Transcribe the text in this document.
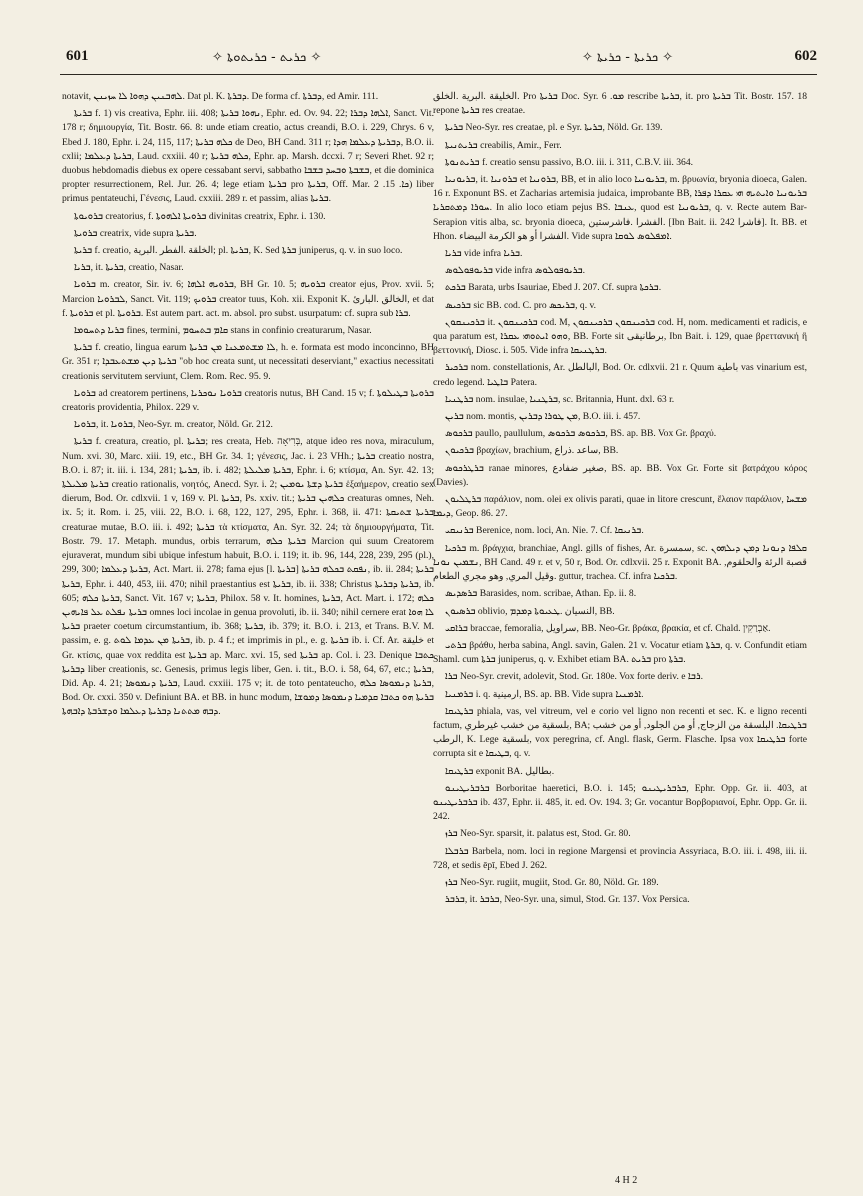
601	✧ ܟܪܝܬ - ܟܪܝܬܘܬܐ ✧	✧ ܟܪܝܬܐ - ܟܪܝܬܐ ✧	602

notavit, ܠܗܒܢܝܢ ܕܗܘܐ ܠܐ ܚܙܝܢܢ. Dat pl. K. ܕܒܪܬܐ. De forma cf. ܕܒܪܬܐ, ed Amir. 111.

ܒܪܝܬܐ f. 1) vis creativa, Ephr. iii. 408; ܢܗܘܐ ܒܪܝܬܐ, Ephr. ed. Ov. 94. 22; ܐܠܗܐ ܕܒܪܐ, Sanct. Vit. 178 r; δημιουργία, Tit. Bostr. 66. 8: unde etiam creatio, actus creandi, B.O. i. 229, Chrys. 6 v, Ebed J. 180, Ephr. i. 24, 115, 117; ܟܠܗ ܒܪܝܬܐ de Deo, BH Cand. 311 r; ܕܒܪܝܬܐ ܕܥܠܡܐ ܗܕܐ, B.O. ii. cxlii; ܒܪܝܬܐ ܕܥܠܡܐ, Laud. cxxiii. 40 r; ܟܠܗ ܒܪܝܬܐ, Ephr. ap. Marsh. dccxi. 7 r; Severi Rhet. 92 r; duobus hebdomadis diebus ex opere cessabant servi, sabbatho ܒܫܒܬܐ ܘܒܚܕ ܒܫܒܐ, et die dominica propter resurrectionem, Rel. Jur. 26. 4; lege etiam ܒܪܝܬܐ pro ܒܪܝܬܐ, Off. Mar. ܟܐ. 15. 2) liber primus pentateuchi, Γένεσις, Laud. cxxiii. 289 r. et passim, alias ܒܪܝܬܐ.

ܒܪܘܝܘܬܐ creatorius, f. ܒܪܘܝܬܐ ܐܠܗܘܬܐ divinitas creatrix, Ephr. i. 130.

ܒܪܘܝܬܐ creatrix, vide supra ܒܪܝܬܐ.

ܒܪܝܬܐ f. creatio, الخلقة .الفطر .البرية; pl. ܒܪܝܬܐ, K. Sed ܒܪܬܐ juniperus, q. v. in suo loco.

ܒܪܝܐ, it. ܒܪܝܬܐ, creatio, Nasar.

ܒܪܘܝܐ m. creator, Sir. iv. 6; ܒܪܘܝܗ ܐܠܗܐ, BH Gr. 10. 5; ܒܪܘܝܗ creator ejus, Prov. xvii. 5; Marcion ܠܒܪܘܝܐ, Sanct. Vit. 119; ܒܪܘܝܟ creator tuus, Koh. xii. Exponit K. الخالق .البارئ, et dat f. ܒܪܘܝܬܐ et pl. ܒܪܘܝܬܐ. Est autem part. act. m. absol. pro subst. usurpatum: cf. supra sub ܒܪܐ.

ܒܪܝܐ ܕܬܚܘܡܐ fines, termini, ܩܐܡ ܒܬܚܘܡ stans in confinio creaturarum, Nasar.

ܒܪܝܬܐ f. creatio, lingua earum ܠܐ ܡܫܬܡܥܢܐ ܡܢ ܒܪܝܬܐ, h. e. formata est modo inconcinno, BH Gr. 351 r; ܒܪܝܬܐ ܕܝܢ ܡܫܬܥܒܕܐ "ob hoc creata sunt, ut necessitati deserviant," exactius necessitati creationis servitutem serviunt, Clem. Rom. Rec. 95. 9.

ܒܪܘܝܐ ad creatorem pertinens, ܒܪܘܝܐ ܢܘܟܪܝܐ creatoris nutus, BH Cand. 15 v; f. ܒܪܘܝܬܐ ܒܛܝܠܘܬܐ creatoris providentia, Philox. 229 v.

ܒܪܘܝܐ, it. ܒܪܘܝܐ, Neo-Syr. m. creator, Nöld. Gr. 212.

ܒܪܝܬܐ f. creatura, creatio, pl. ܒܪܝܬܐ; res creata, Heb. בְּרִיאָה, atque ideo res nova, miraculum, Num. xvi. 30, Marc. xiii. 19, etc., BH Gr. 34. 1; γένεσις, Jac. i. 23 VHh.; ܒܪܝܬܐ creatio nostra, B.O. i. 87; it. iii. i. 134, 281; ܒܪܝܬܐ, ib. i. 482; ܒܪܝܬܐ ܡܠܝܠܬܐ, Ephr. i. 6; κτίσμα, An. Syr. 42. 13; ܒܪܝܬܐ ܡܠܝܠܬܐ creatio rationalis, νοητός, Anecd. Syr. i. 2; ܒܪܝܬܐ ܕܫܬܐ ܝܘܡܝܢ ἑξαήμερον, creatio sex dierum, Bod. Or. cdlxvii. 1 v, 169 v. Pl. ܒܪܝܬܐ, Ps. xxiv. tit.; ܟܠܗܝܢ ܒܪܝܬܐ creaturas omnes, Neh. ix. 5; it. Rom. i. 25, viii. 22, B.O. i. 68, 122, 127, 295, Ephr. i. 368, ii. 471: ܒܪܝܬܐ ܫܬܝܩܬܐ creaturae mutae, B.O. iii. i. 492; ܒܪܝܬܐ τὰ κτίσματα, An. Syr. 32. 24; τὰ δημιουργήματα, Tit. Bostr. 79. 17. Metaph. mundus, orbis terrarum, ܒܪܝܬܐ ܟܠܗ Marcion qui suum Creatorem ejuraverat, mundum sibi ubique infestum habuit, B.O. i. 119; it. ib. 96, 144, 228, 239, 295 (pl.), 299, 300; ܒܪܝܬܐ ܕܥܠܡܐ, Act. Mart. ii. 278; fama ejus [l. ܒܪܝܬܐ] ܢܦܩܬ ܒܟܠܗ ܒܪܝܬܐ, ib. ii. 284; ܒܪܝܬܐ ܒܪܝܬܐ, Ephr. i. 440, 453, iii. 470; nihil praestantius est ܒܪܝܬܐ, ib. ii. 338; Christus ܒܪܝܬܐ ܕܒܪܝܬܐ, ib. 605; ܒܪܝܬܐ ܟܠܗ, Sanct. Vit. 167 v; ܒܪܝܬܐ, Philox. 58 v. It. homines, ܒܪܝܬܐ, Act. Mart. i. 172; ܟܠܗ ܒܪܝܬܐ ܢܦܠܬ ܥܠ ܦܐܝܗܝܢ omnes loci incolae in genua provoluti, ib. ii. 340; nihil cernere erat ܠܐ ܗܘܐ ܒܪܝܬܐ praeter coetum circumstantium, ib. 368; ܒܪܝܬܐ, ib. 379; it. B.O. i. 213, et Trans. B.V. M. passim, e. g. ܒܪܝܬܐ ܡܢ ܥܕܡܐ ܠܘܬ, ib. p. 4 f.; et imprimis in pl., e. g. ܒܪܝܬܐ ib. i. Cf. Ar. خليقة et Gr. κτίσις, quae vox reddita est ܒܪܝܬܐ ap. Marc. xvi. 15, sed ܒܪܝܬܐ ap. Col. i. 23. Denique ܟܬܒܐ ܕܒܪܝܬܐ liber creationis, sc. Genesis, primus legis liber, Gen. i. tit., B.O. i. 58, 64, 67, etc.; ܒܪܝܬܐ, Did. Ap. 4. 21; ܒܪܝܬܐ ܕܢܡܘܣܐ, Laud. cxxiii. 175 v; it. de toto pentateucho, ܒܪܝܬܐ ܕܢܡܘܣܐ ܟܠܗ, Bod. Or. cxxi. 350 v. Definiunt BA. et BB. in hunc modum, ܒܪܝܬܐ ܗܘ ܟܬܒܐ ܩܕܡܝܐ ܕܢܡܘܣܐ ܕܡܘܫܐ ܕܒܗ ܡܬܬܢܐ ܕܒܪܝܬܐ ܕܥܠܡܐ ܘܕܫܪܒܬܐ ܕܐܒܗܬܐ.

الخليقة .البرية .الخلق. Pro ܒܪܝܬܐ Doc. Syr. ܡܘ. 6 rescribe ܒܪܝܬܐ, it. pro ܒܪܝܬܐ Tit. Bostr. 157. 18 repone ܒܪܝܬܐ res creatae.

ܒܪܝܬܐ Neo-Syr. res creatae, pl. e Syr. ܒܪܝܬܐ, Nöld. Gr. 139.

ܒܪܝܬܢܝܬܐ creabilis, Amir., Ferr.

ܒܪܝܬܢܘܬܐ f. creatio sensu passivo, B.O. iii. i. 311, C.B.V. iii. 364.

ܒܪܝܘܢܝܐ, it. ܒܪܘܢܝܐ et ܒܪܘܢܝܐ, BB, et in alio loco ܒܪܝܘܢܝܐ, m. βρυωνία, bryonia dioeca, Galen. 16 r. Exponunt BS. et Zacharias artemisia judaica, improbante BB, ܒܪܝܘܢܝܐ ܘܐܝܬܝܗ ܗܝ ܥܩܪܐ ܕܦܪܐ ܚܘܪܐ ܕܡܬܩܪܝܐ. In alio loco etiam pejus BS. ܥܢܒܐ, quod est ܒܪܝܘܢܝܐ, q. v. Recte autem Bar-Serapion vitis alba, sc. bryonia dioeca, الفشرا .فاشرستين. [Ibn Bait. ii. 242 فاشرا]. It. BB. et Hhon. الفشرا أو هو الكرمة البيضاء. Vide supra ܐܡܦܠܘܣ ܠܘܩܐ.

ܒܪܝܐ vide infra ܒܪܝܐ.

ܒܪܝܘܦܘܠܘܣ vide infra ܒܪܝܘܦܘܠܘܣ.

ܒܪܟܬ Barata, urbs Isauriae, Ebed J. 207. Cf. supra ܒܪܟܬܐ.

ܒܪܟܝܣ sic BB. cod. C. pro ܒܪܝܟܣ, q. v.

ܒܪܟܝܢܩܘܢ it. ܒܪܟܝܢܩܘܢ cod. M, ܒܪܟܝܢܩܘܢ ܒܪܟܝܢܩܘܢ cod. H, nom. medicamenti et radicis, e qua paratum est, ܘܗܘ ܐܝܬܘܗܝ ܥܩܪܐ, BB. Forte sit برطانيقى, Ibn Bait. i. 129, quae βρεττανική ἢ βεττονική, Diosc. i. 505. Vide infra ܒܪܛܢܝܩܐ.

ܒܪܟܝܪ nom. constellationis, Ar. البالطل, Bod. Or. cdlxvii. 21 r. Quum باطية vas vinarium est, credo legend. ܒܐܛܝܐ Patera.

ܒܪܛܢܝܐ nom. insulae, ܒܪܛܢܝܐ, sc. Britannia, Hunt. dxl. 63 r.

ܒܪܝܢ nom. montis, ܡܢ ܛܘܪܐ ܕܒܪܝܢ, B.O. iii. i. 457.

ܒܪܟܘܣ paullo, paullulum, ܒܪܟܘܣ ܒܪܟܘܣ, BS. ap. BB. Vox Gr. βραχύ.

ܒܪܟܝܘܢ βραχίων, brachium, ساعد .ذراع, BB.

ܒܪܛܪܟܘܣ ranae minores, صغير ضفادع, BS. ap. BB. Vox Gr. Forte sit βατράχου κόρος (Davies).

ܒܪܛܠܝܘܢ παράλιον, nom. olei ex olivis parati, quae in litore crescunt, ἔλαιον παράλιον, ܡܫܚܐ ܕܝܡܐ, Geop. 86. 27.

ܒܪܢܝܩܝ Berenice, nom. loci, An. Nie. 7. Cf. ܒܪܢܝܩܐ.

ܒܪܟܝܐ m. βράγχια, branchiae, Angl. gills of fishes, Ar. سمسرة, sc. ܩܠܦܐ ܕܢܘܢܐ ܕܡܢ ܕܝܠܗܘܢ ܢܫܡܝܢ ܢܘܢܐ, BH Cand. 49 r. et v, 50 r, Bod. Or. cdlxvii. 25 r. Exponit BA. قصبة الرئة والحلقوم, وقيل المري, وهو مجري الطعام. guttur, trachea. Cf. infra ܒܪܟܝܐ.

ܒܪܣܕܝܣ Barasides, nom. scribae, Athan. Ep. ii. 8.

ܒܪܣܝܘܢ oblivio, النسيان .ܛܥܝܘܬܐ ܕܡܕܡ, BB.

ܒܪܐܩܝ braccae, femoralia, سراويل, BB. Neo-Gr. βράκα, βρακία, et cf. Chald. אַבְרַקִין.

ܒܪܬܝ βράθυ, herba sabina, Angl. savin, Galen. 21 v. Vocatur etiam ܒܪܬܐ, q. v. Confundit etiam Shaml. cum ܒܪܬܐ juniperus, q. v. Exhibet etiam BA. ܒܪܝܬ pro ܒܪܬܐ.

ܒܪܐ Neo-Syr. crevit, adolevit, Stod. Gr. 180e. Vox forte deriv. e ܪܒܐ.

ܒܪܡܢܝܐ i. q. ارمينية, BS. ap. BB. Vide supra ܐܪܡܢܝܐ.

ܒܪܛܝܩܐ phiala, vas, vel vitreum, vel e corio vel ligno non recenti et sec. K. e ligno recenti factum, بلسقية من خشب غيرطري, BA; ܒܪܛܝܩܐ. البلسقة من الزجاج, أو من الجلود, أو من خشب الرطب, K. Lege بلسقية, vox peregrina, cf. Angl. flask, Germ. Flasche. Ipsa vox ܒܪܛܝܩܐ forte corrupta sit e ܒܛܝܩܐ, q. v.

ܒܪܛܝܩܐ exponit BA. بطاليل.

ܒܪܒܪܝܛܝܢܘ Borboritae haeretici, B.O. i. 145; ܒܪܒܪܝܛܝܢܘ, Ephr. Opp. Gr. ii. 403, at ܒܪܒܪܝܛܝܢܘ ib. 437, Ephr. ii. 485, it. ed. Ov. 194. 3; Gr. vocantur Βορβοριανοί, Ephr. Opp. Gr. ii. 242.

ܒܪܙ Neo-Syr. sparsit, it. palatus est, Stod. Gr. 80.

ܒܪܒܠܐ Barbela, nom. loci in regione Margensi et provincia Assyriaca, B.O. iii. i. 498, iii. ii. 728, et sedis ēpī, Ebed J. 262.

ܒܪܙ Neo-Syr. rugiit, mugiit, Stod. Gr. 80, Nöld. Gr. 189.

ܒܪܒܪ, it. ܒܪܒܪ, Neo-Syr. una, simul, Stod. Gr. 137. Vox Persica.

4 H 2
